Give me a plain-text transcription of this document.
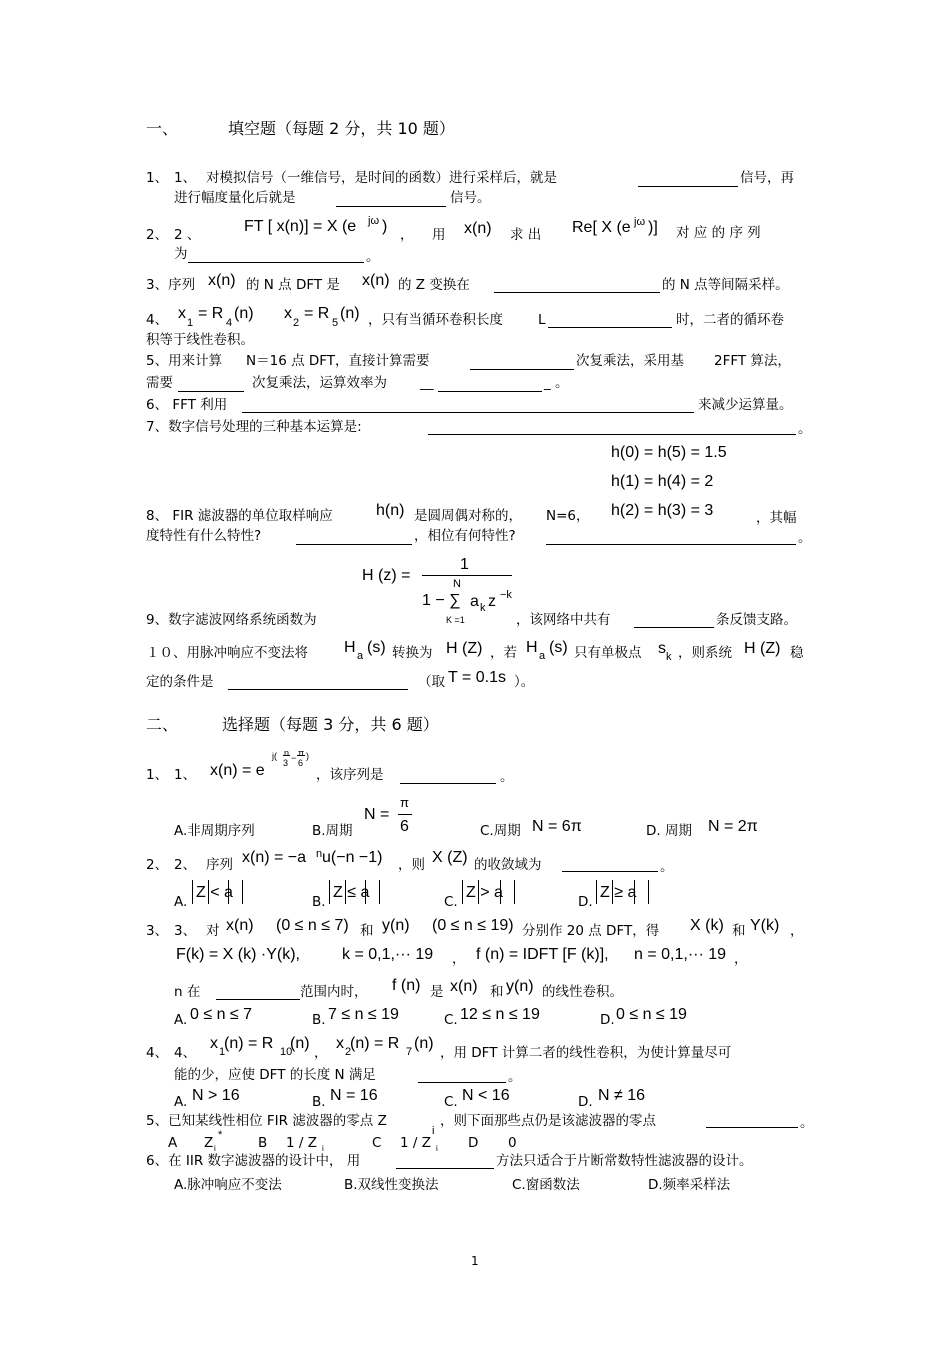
一、	填空题（每题 2 分，共 10 题）
1、 1、 对模拟信号（一维信号，是时间的函数）进行采样后，就是	信号，再
进行幅度量化后就是	信号。
2、 2 、	FT [ x(n)] = X (e jω ) ， 用 x(n) 求 出 Re[ X (e jω )] 对 应 的 序 列
为	。
3、序列 x(n) 的 N 点 DFT 是 x(n) 的 Z 变换在	的 N 点等间隔采样。
4、 x
1
= R
4
(n) x
2
= R
5
(n) ，只有当循环卷积长度	L	时，二者的循环卷
积等于线性卷积。
5、用来计算 N＝16 点 DFT，直接计算需要	次复乘法，采用基 2FFT 算法，
需要	次复乘法，运算效率为 __	_ 。
6、 FFT 利用	来减少运算量。
7、数字信号处理的三种基本运算是:	。
h(0) = h(5) = 1.5
h(1) = h(4) = 2
h(2) = h(3) = 3
8、 FIR 滤波器的单位取样响应	h(n) 是圆周偶对称的， N=6，	，其幅
度特性有什么特性?	，相位有何特性?	。
1
H (z) =	N
1 − ∑ a k z −k
K =1
9、数字滤波网络系统函数为	，该网络中共有	条反馈支路。
１０、用脉冲响应不变法将 H a (s) 转换为 H (Z) ，若 H a (s) 只有单极点 s k ，则系统 H (Z) 稳
定的条件是	（取 T = 0.1s ）。
二、	选择题（每题 3 分，共 6 题）
1、 1、 x(n) = e
j( n
3 − π
6
)
，该序列是	。
A.非周期序列	B.周期
N =
π
6	C.周期 N = 6π	D. 周期 N = 2π
2、 2、 序列 x(n) = −a n u(−n −1) ，则 X (Z) 的收敛域为	。
A.
Z < a
B.
Z ≤ a
C.
Z > a
D.
Z ≥ a
3、 3、 对 x(n) (0 ≤ n ≤ 7) 和 y(n) (0 ≤ n ≤ 19) 分别作 20 点 DFT，得 X (k) 和 Y(k) ，
F(k) = X (k) ·Y(k),	k = 0,1,··· 19 ， f (n) = IDFT [F (k)], n = 0,1,··· 19 ，
n 在	范围内时， f (n) 是 x(n) 和 y(n) 的线性卷积。
A. 0 ≤ n ≤ 7	B. 7 ≤ n ≤ 19	C. 12 ≤ n ≤ 19	D. 0 ≤ n ≤ 19
4、 4、
x 1
(n) = R 10
(n)
，
x 2
(n) = R 7 (n)
，用 DFT 计算二者的线性卷积，为使计算量尽可
能的少，应使 DFT 的长度 N 满足	。
A. N > 16	B. N = 16	C. N < 16	D. N ≠ 16
5、已知某线性相位 FIR 滤波器的零点 Z
i
，则下面那些点仍是该滤波器的零点	。
A Z i
*	B 1 / Z i	C 1 / Z i D 0
6、在 IIR 数字滤波器的设计中， 用	方法只适合于片断常数特性滤波器的设计。
A.脉冲响应不变法	B.双线性变换法	C.窗函数法	D.频率采样法
1
